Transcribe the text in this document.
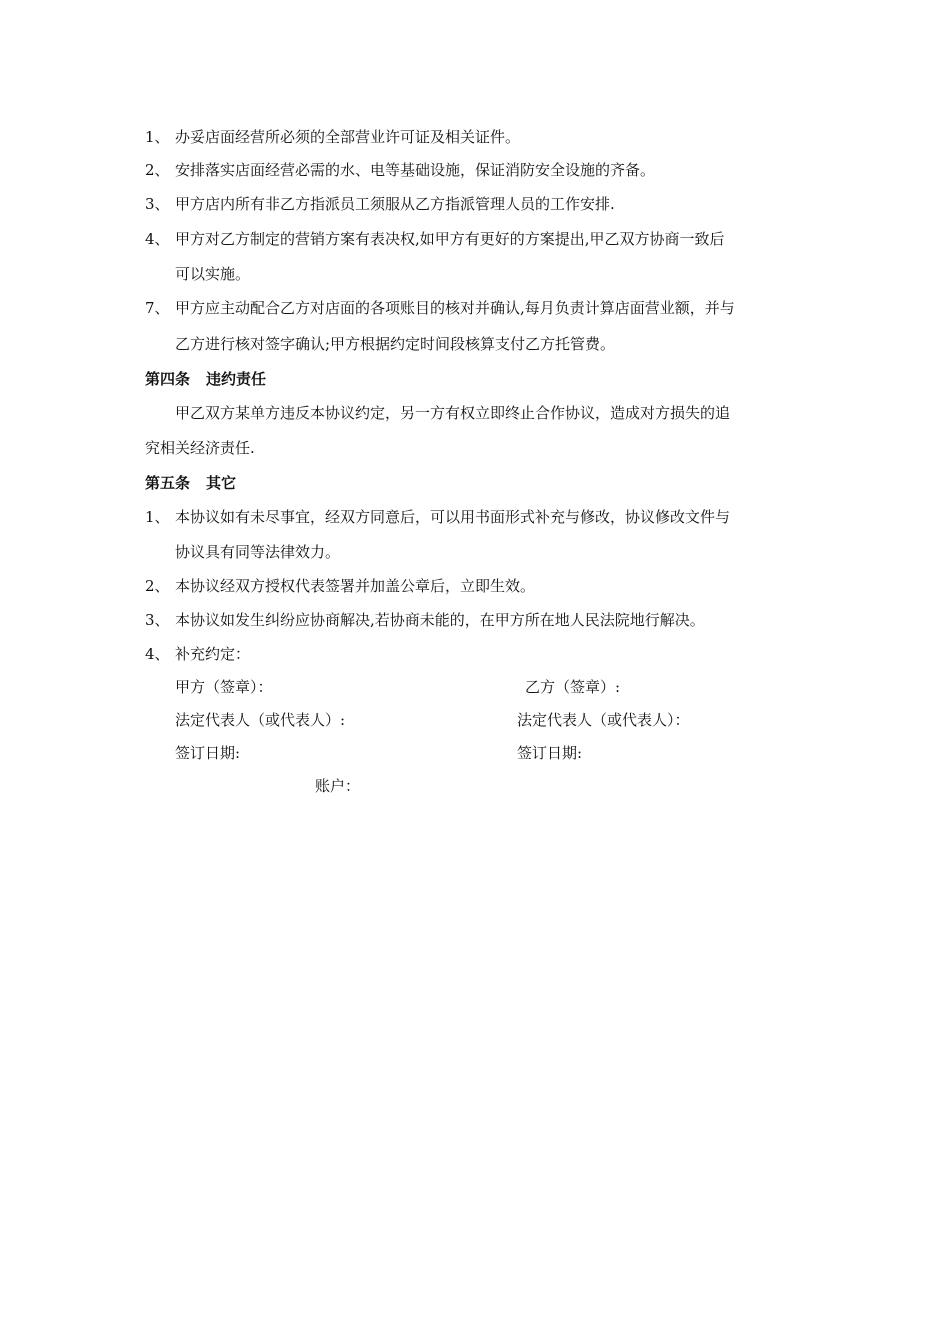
1、 办妥店面经营所必须的全部营业许可证及相关证件。
2、 安排落实店面经营必需的水、电等基础设施，保证消防安全设施的齐备。
3、 甲方店内所有非乙方指派员工须服从乙方指派管理人员的工作安排.
4、 甲方对乙方制定的营销方案有表决权,如甲方有更好的方案提出,甲乙双方协商一致后
可以实施。
7、 甲方应主动配合乙方对店面的各项账目的核对并确认,每月负责计算店面营业额，并与
乙方进行核对签字确认;甲方根据约定时间段核算支付乙方托管费。
第四条 违约责任
甲乙双方某单方违反本协议约定，另一方有权立即终止合作协议，造成对方损失的追
究相关经济责任.
第五条 其它
1、 本协议如有未尽事宜，经双方同意后，可以用书面形式补充与修改，协议修改文件与
协议具有同等法律效力。
2、 本协议经双方授权代表签署并加盖公章后，立即生效。
3、 本协议如发生纠纷应协商解决,若协商未能的，在甲方所在地人民法院地行解决。
4、 补充约定：
甲方（签章）：	乙方（签章）:
法定代表人（或代表人）:	法定代表人（或代表人）：
签订日期:	签订日期:
账户：
